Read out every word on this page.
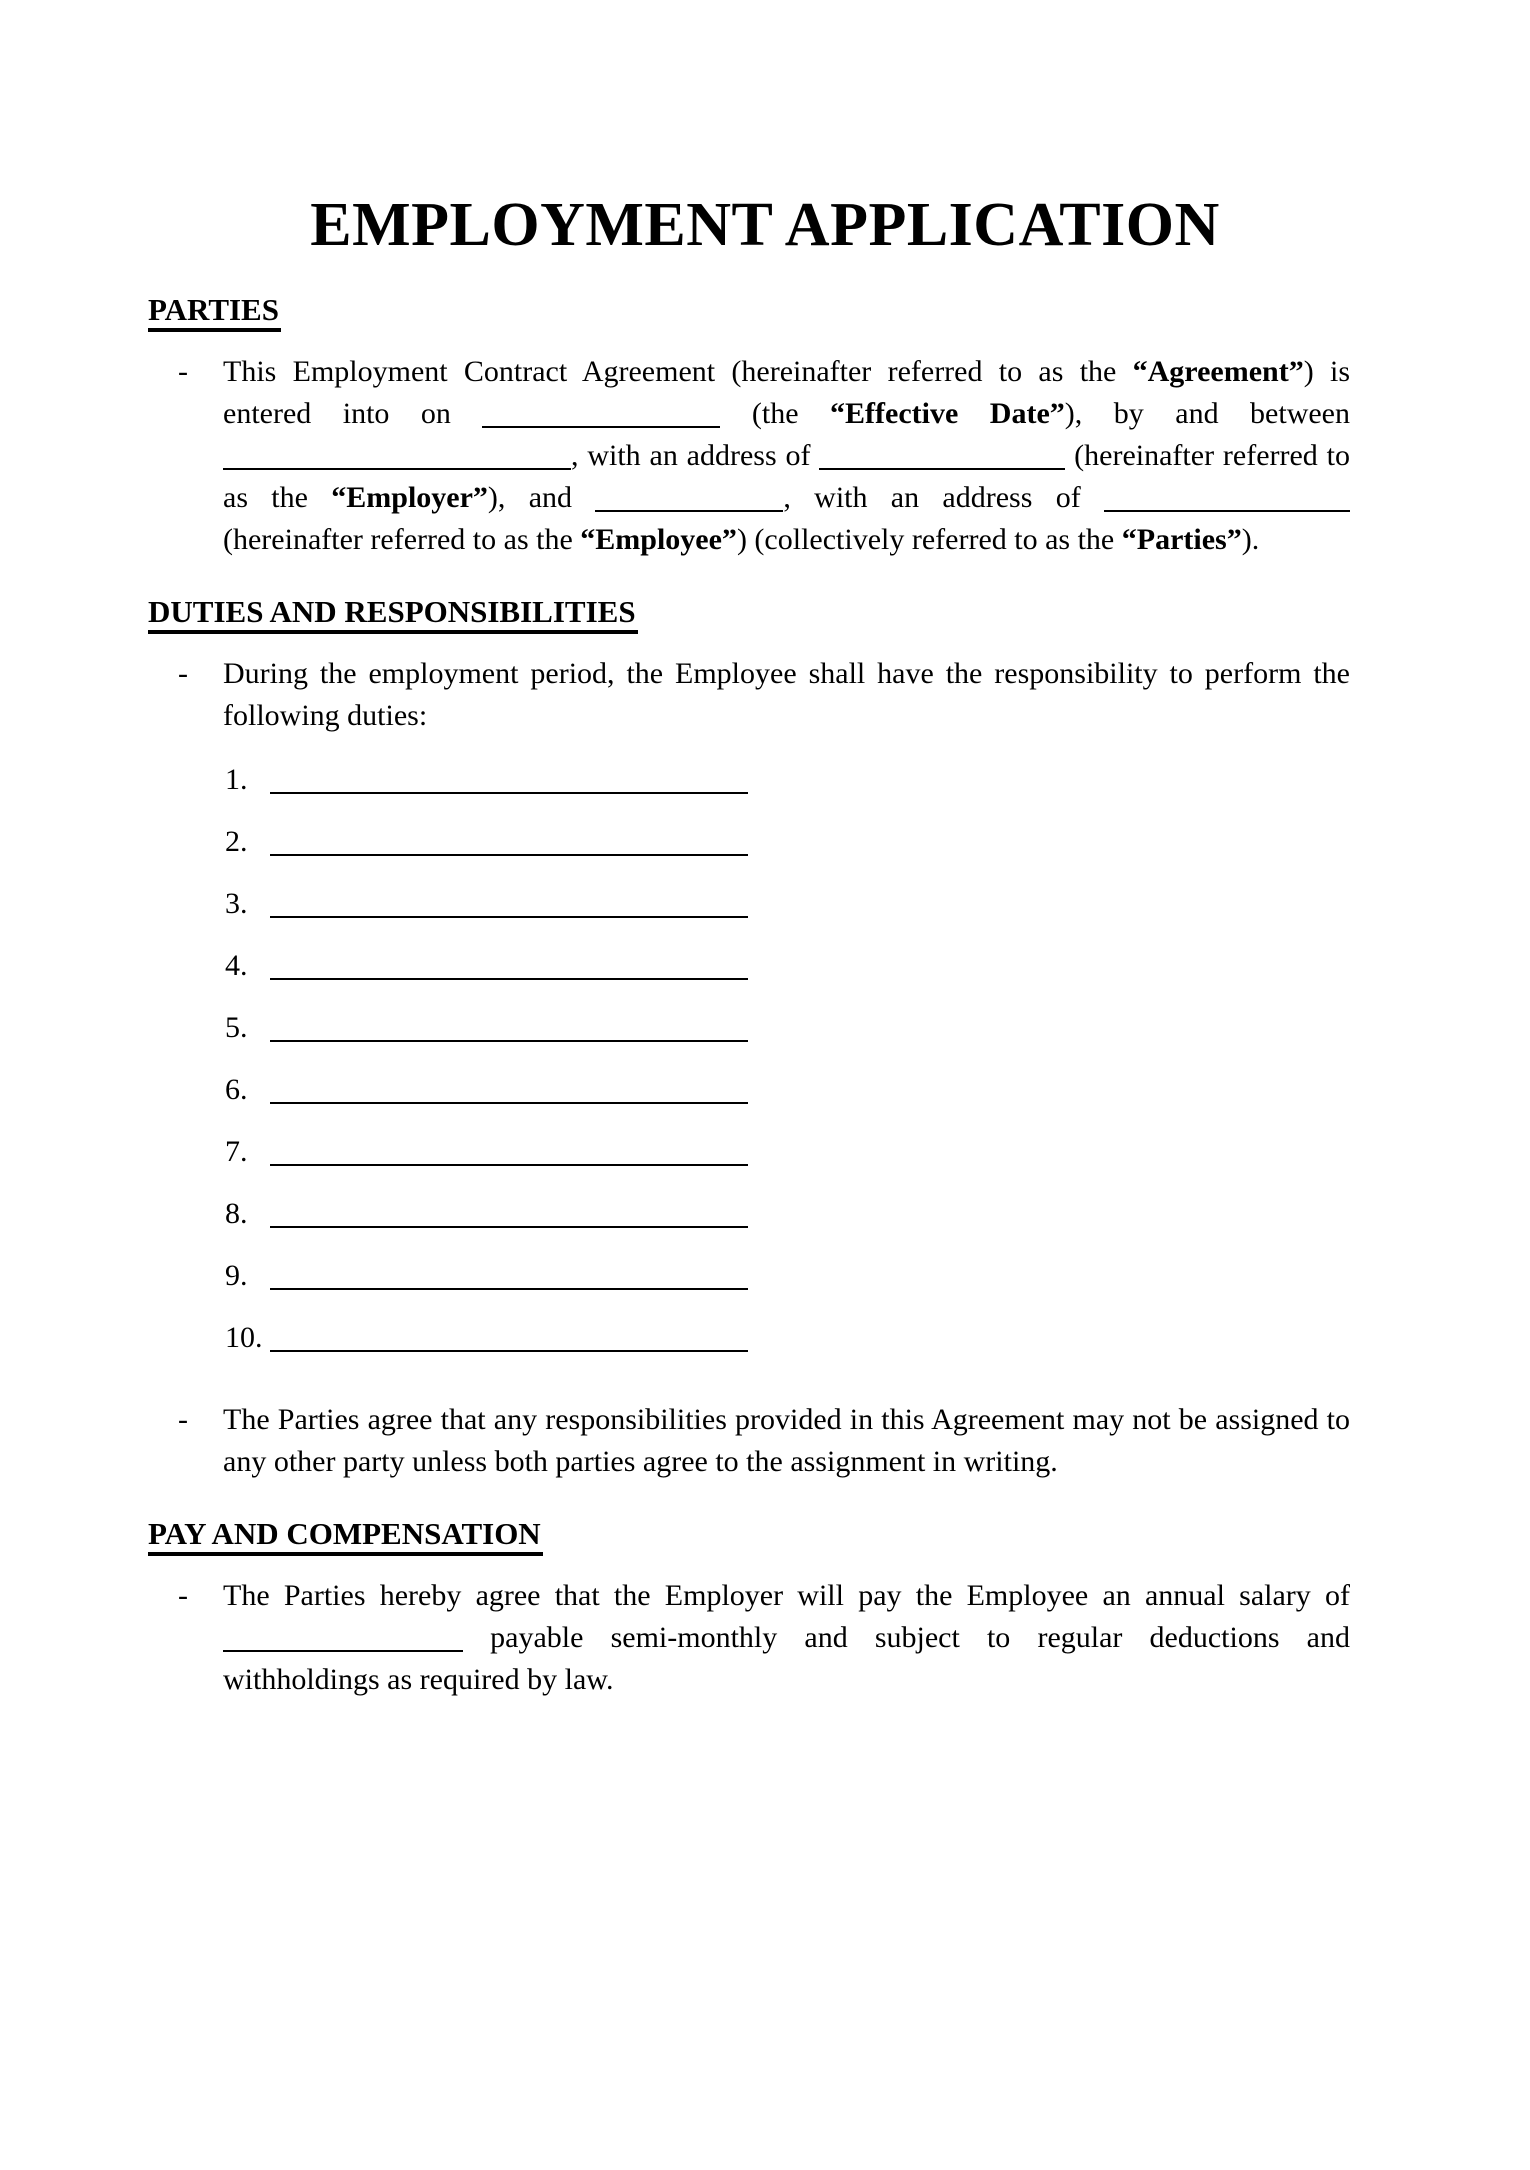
EMPLOYMENT APPLICATION
PARTIES
- This Employment Contract Agreement (hereinafter referred to as the “Agreement”) is entered into on	(the “Effective Date”), by and between , with an address of	(hereinafter referred to as the “Employer”), and	, with an address of  (hereinafter referred to as the “Employee”) (collectively referred to as the “Parties”).

DUTIES AND RESPONSIBILITIES
- During the employment period, the Employee shall have the responsibility to perform the following duties:

1.
2.
3.
4.
5.
6.
7.
8.
9.
10.
- The Parties agree that any responsibilities provided in this Agreement may not be assigned to any other party unless both parties agree to the assignment in writing.

PAY AND COMPENSATION
- The Parties hereby agree that the Employer will pay the Employee an annual salary of  payable semi-monthly and subject to regular deductions and withholdings as required by law.
